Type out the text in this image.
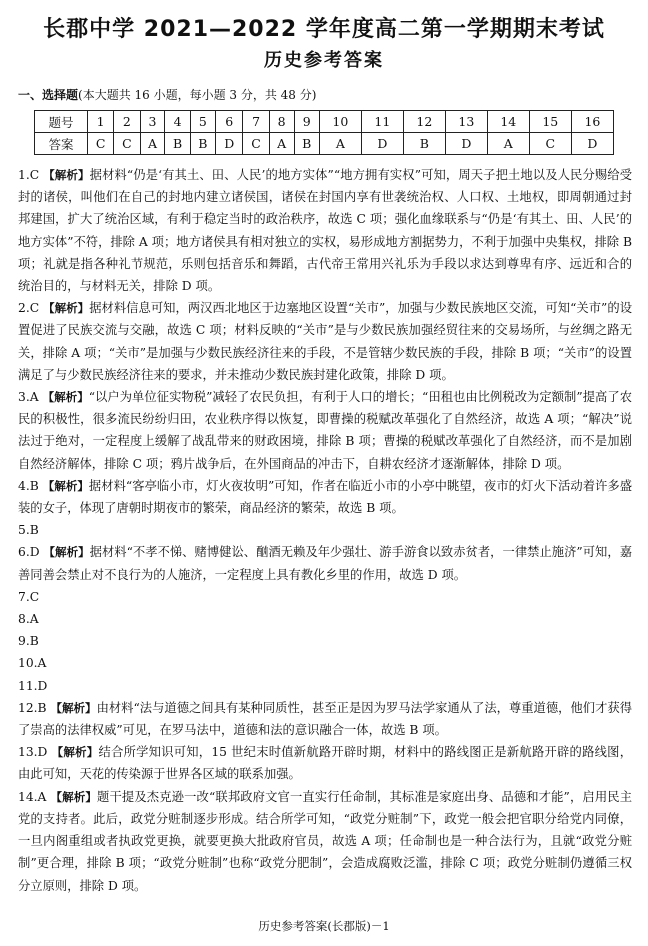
长郡中学 2021—2022 学年度高二第一学期期末考试
历史参考答案
一、选择题(本大题共 16 小题，每小题 3 分，共 48 分)
题号	1	2	3	4	5	6	7	8	9	10	11	12	13	14	15	16
答案	C	C	A	B	B	D	C	A	B	A	D	B	D	A	C	D
1.C 【解析】据材料“仍是‘有其土、田、人民’的地方实体”“地方拥有实权”可知，周天子把土地以及人民分赐给受封的诸侯，叫他们在自己的封地内建立诸侯国，诸侯在封国内享有世袭统治权、人口权、土地权，即周朝通过封邦建国，扩大了统治区域，有利于稳定当时的政治秩序，故选 C 项；强化血缘联系与“仍是‘有其土、田、人民’的地方实体”不符，排除 A 项；地方诸侯具有相对独立的实权，易形成地方割据势力，不利于加强中央集权，排除 B 项；礼就是指各种礼节规范，乐则包括音乐和舞蹈，古代帝王常用兴礼乐为手段以求达到尊卑有序、远近和合的统治目的，与材料无关，排除 D 项。
2.C 【解析】据材料信息可知，两汉西北地区于边塞地区设置“关市”，加强与少数民族地区交流，可知“关市”的设置促进了民族交流与交融，故选 C 项；材料反映的“关市”是与少数民族加强经贸往来的交易场所，与丝绸之路无关，排除 A 项；“关市”是加强与少数民族经济往来的手段，不是管辖少数民族的手段，排除 B 项；“关市”的设置满足了与少数民族经济往来的要求，并未推动少数民族封建化政策，排除 D 项。
3.A 【解析】“以户为单位征实物税”减轻了农民负担，有利于人口的增长；“田租也由比例税改为定额制”提高了农民的积极性，很多流民纷纷归田，农业秩序得以恢复，即曹操的税赋改革强化了自然经济，故选 A 项；“解决”说法过于绝对，一定程度上缓解了战乱带来的财政困境，排除 B 项；曹操的税赋改革强化了自然经济，而不是加剧自然经济解体，排除 C 项；鸦片战争后，在外国商品的冲击下，自耕农经济才逐渐解体，排除 D 项。
4.B 【解析】据材料“客亭临小市，灯火夜妆明”可知，作者在临近小市的小亭中眺望，夜市的灯火下活动着许多盛装的女子，体现了唐朝时期夜市的繁荣，商品经济的繁荣，故选 B 项。
5.B
6.D 【解析】据材料“不孝不悌、赌博健讼、酗酒无赖及年少强壮、游手游食以致赤贫者，一律禁止施济”可知，嘉善同善会禁止对不良行为的人施济，一定程度上具有教化乡里的作用，故选 D 项。
7.C
8.A
9.B
10.A
11.D
12.B 【解析】由材料“法与道德之间具有某种同质性，甚至正是因为罗马法学家通从了法，尊重道德，他们才获得了崇高的法律权威”可见，在罗马法中，道德和法的意识融合一体，故选 B 项。
13.D 【解析】结合所学知识可知，15 世纪末时值新航路开辟时期，材料中的路线图正是新航路开辟的路线图，由此可知，天花的传染源于世界各区域的联系加强。
14.A 【解析】题干提及杰克逊一改“联邦政府文官一直实行任命制，其标准是家庭出身、品德和才能”，启用民主党的支持者。此后，政党分赃制逐步形成。结合所学可知，“政党分赃制”下，政党一般会把官职分给党内同僚，一旦内阁重组或者执政党更换，就要更换大批政府官员，故选 A 项；任命制也是一种合法行为，且就“政党分赃制”更合理，排除 B 项；“政党分赃制”也称“政党分肥制”，会造成腐败泛滥，排除 C 项；政党分赃制仍遵循三权分立原则，排除 D 项。
历史参考答案(长郡版)－1
